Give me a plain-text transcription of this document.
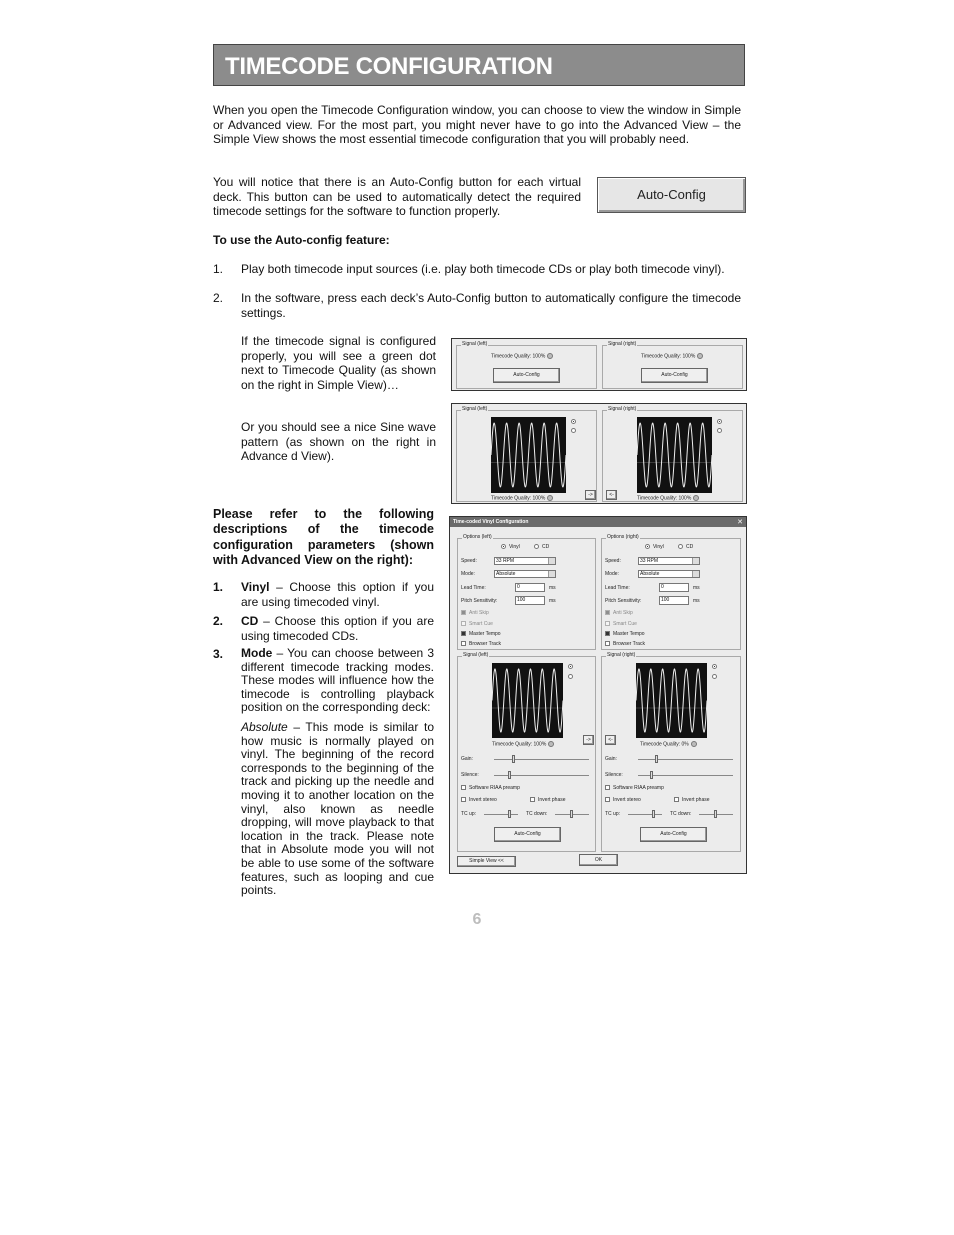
TIMECODE CONFIGURATION

When you open the Timecode Configuration window, you can choose to view the window in Simple or Advanced view. For the most part, you might never have to go into the Advanced View – the Simple View shows the most essential timecode configuration that you will probably need.

You will notice that there is an Auto-Config button for each virtual deck. This button can be used to automatically detect the required timecode settings for the software to function properly.

Auto-Config

To use the Auto-config feature:

1. Play both timecode input sources (i.e. play both timecode CDs or play both timecode vinyl).

2. In the software, press each deck’s Auto-Config button to automatically configure the timecode settings.

If the timecode signal is configured properly, you will see a green dot next to Timecode Quality (as shown on the right in Simple View)…

Or you should see a nice Sine wave pattern (as shown on the right in Advance d View).

Signal (left)
Timecode Quality: 100%
Auto-Config
Signal (right)
Timecode Quality: 100%
Auto-Config
Signal (left)
Timecode Quality: 100%
->
Signal (right)
Timecode Quality: 100%
<-

Please refer to the following descriptions of the timecode configuration parameters (shown with Advanced View on the right):

1. Vinyl – Choose this option if you are using timecoded vinyl.

2. CD – Choose this option if you are using timecoded CDs.

3. Mode – You can choose between 3 different timecode tracking modes. These modes will influence how the timecode is controlling playback position on the corresponding deck:

Absolute – This mode is similar to how music is normally played on vinyl. The beginning of the record corresponds to the beginning of the track and picking up the needle and moving it to another location on the vinyl, also known as needle dropping, will move playback to that location in the track. Please note that in Absolute mode you will not be able to use some of the software features, such as looping and cue points.

Time-coded Vinyl Configuration	✕
Options (left)
Vinyl	CD
Speed:	33 RPM
Mode:	Absolute
Lead Time:	0	ms
Pitch Sensitivity:	100	ms
Anti Skip
Smart Cue
Master Tempo
Browser Track
Options (right)
Vinyl	CD
Speed:	33 RPM
Mode:	Absolute
Lead Time:	0	ms
Pitch Sensitivity:	100	ms
Anti Skip
Smart Cue
Master Tempo
Browser Track
Signal (left)
Timecode Quality: 100%
->
Gain:
Silence:
Software RIAA preamp
Invert stereo	Invert phase
TC up:	TC down:
Auto-Config
Signal (right)
Timecode Quality: 0%
<-
Gain:
Silence:
Software RIAA preamp
Invert stereo	Invert phase
TC up:	TC down:
Auto-Config
Simple View <<	OK
6
